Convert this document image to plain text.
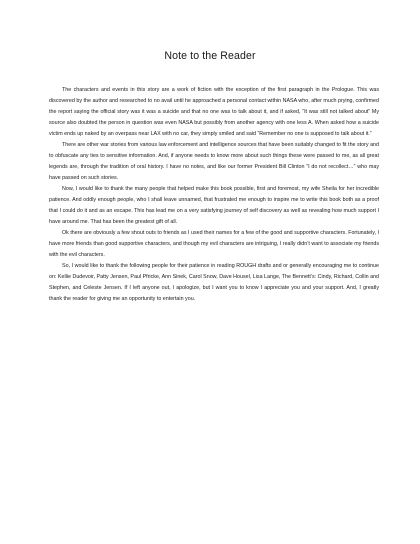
Note to the Reader

The characters and events in this story are a work of fiction with the exception of the first paragraph in the Prologue. This was discovered by the author and researched to no avail until he approached a personal contact within NASA who, after much prying, confirmed the report saying the official story was it was a suicide and that no one was to talk about it, and if asked, “It was still not talked about” My source also doubted the person in question was even NASA but possibly from another agency with one less A. When asked how a suicide victim ends up naked by an overpass near LAX with no car, they simply smiled and said “Remember no one is supposed to talk about it.”

There are other war stories from various law enforcement and intelligence sources that have been suitably changed to fit the story and to obfuscate any ties to sensitive information. And, if anyone needs to know more about such things these were passed to me, as all great legends are, through the tradition of oral history. I have no notes, and like our former President Bill Clinton “I do not recollect…” who may have passed on such stories.

Now, I would like to thank the many people that helped make this book possible, first and foremost, my wife Sheila for her incredible patience. And oddly enough people, who I shall leave unnamed, that frustrated me enough to inspire me to write this book both as a proof that I could do it and as an escape. This has lead me on a very satisfying journey of self discovery as well as revealing how much support I have around me. That has been the greatest gift of all.

Ok there are obviously a few shout outs to friends as I used their names for a few of the good and supportive characters. Fortunately, I have more friends than good supportive characters, and though my evil characters are intriguing, I really didn’t want to associate my friends with the evil characters.

So, I would like to thank the following people for their patience in reading ROUGH drafts and or generally encouraging me to continue on: Kellie Dudevoir, Patty Jensen, Paul Pfricke, Ann Sinek, Carol Snow, Dave Housel, Lisa Lange, The Bennett’s: Cindy, Richard, Collin and Stephen, and Celeste Jensen. If I left anyone out, I apologize, but I want you to know I appreciate you and your support. And, I greatly thank the reader for giving me an opportunity to entertain you.
